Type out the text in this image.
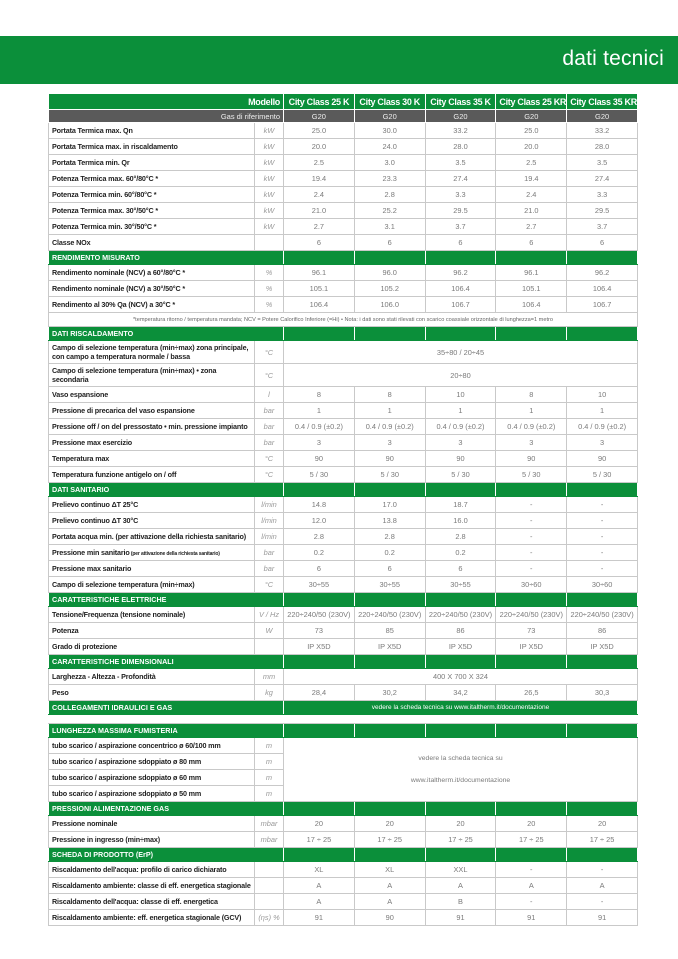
dati tecnici
Modello		City Class 25 K	City Class 30 K	City Class 35 K	City Class 25 KR	City Class 35 KR
Gas di riferimento		G20	G20	G20	G20	G20
Portata Termica max. Qn	kW	25.0	30.0	33.2	25.0	33.2
Portata Termica max. in riscaldamento	kW	20.0	24.0	28.0	20.0	28.0
Portata Termica min. Qr	kW	2.5	3.0	3.5	2.5	3.5
Potenza Termica max. 60°/80°C *	kW	19.4	23.3	27.4	19.4	27.4
Potenza Termica min. 60°/80°C *	kW	2.4	2.8	3.3	2.4	3.3
Potenza Termica max. 30°/50°C *	kW	21.0	25.2	29.5	21.0	29.5
Potenza Termica min. 30°/50°C *	kW	2.7	3.1	3.7	2.7	3.7
Classe NOx		6	6	6	6	6
RENDIMENTO MISURATO						
Rendimento nominale (NCV) a 60°/80°C *	%	96.1	96.0	96.2	96.1	96.2
Rendimento nominale (NCV) a 30°/50°C *	%	105.1	105.2	106.4	105.1	106.4
Rendimento al 30% Qa (NCV) a 30°C *	%	106.4	106.0	106.7	106.4	106.7
*temperatura ritorno / temperatura mandata; NCV = Potere Calorifico Inferiore (=Hi) • Nota: i dati sono stati rilevati con scarico coassiale orizzontale di lunghezza=1 metro						
DATI RISCALDAMENTO						
Campo di selezione temperatura (min÷max) zona principale, con campo a temperatura normale / bassa	°C	35÷80 / 20÷45				
Campo di selezione temperatura (min÷max) • zona secondaria	°C	20÷80				
Vaso espansione	l	8	8	10	8	10
Pressione di precarica del vaso espansione	bar	1	1	1	1	1
Pressione off / on del pressostato • min. pressione impianto	bar	0.4 / 0.9 (±0.2)	0.4 / 0.9 (±0.2)	0.4 / 0.9 (±0.2)	0.4 / 0.9 (±0.2)	0.4 / 0.9 (±0.2)
Pressione max esercizio	bar	3	3	3	3	3
Temperatura max	°C	90	90	90	90	90
Temperatura funzione antigelo on / off	°C	5 / 30	5 / 30	5 / 30	5 / 30	5 / 30
DATI SANITARIO						
Prelievo continuo ΔT 25°C	l/min	14.8	17.0	18.7	-	-
Prelievo continuo ΔT 30°C	l/min	12.0	13.8	16.0	-	-
Portata acqua min. (per attivazione della richiesta sanitario)	l/min	2.8	2.8	2.8	-	-
Pressione min sanitario (per attivazione della richiesta sanitario)	bar	0.2	0.2	0.2	-	-
Pressione max sanitario	bar	6	6	6	-	-
Campo di selezione temperatura (min÷max)	°C	30÷55	30÷55	30÷55	30÷60	30÷60
CARATTERISTICHE ELETTRICHE						
Tensione/Frequenza (tensione nominale)	V / Hz	220÷240/50 (230V)	220÷240/50 (230V)	220÷240/50 (230V)	220÷240/50 (230V)	220÷240/50 (230V)
Potenza	W	73	85	86	73	86
Grado di protezione		IP X5D	IP X5D	IP X5D	IP X5D	IP X5D
CARATTERISTICHE DIMENSIONALI						
Larghezza - Altezza - Profondità	mm	400 X 700 X 324				
Peso	kg	28,4	30,2	34,2	26,5	30,3
COLLEGAMENTI IDRAULICI E GAS		vedere la scheda tecnica su www.italtherm.it/documentazione				

LUNGHEZZA MASSIMA FUMISTERIA						
tubo scarico / aspirazione concentrico ø 60/100 mm	m	vedere la scheda tecnica su
www.italtherm.it/documentazione				

tubo scarico / aspirazione sdoppiato ø 80 mm	m					
tubo scarico / aspirazione sdoppiato ø 60 mm	m					
tubo scarico / aspirazione sdoppiato ø 50 mm	m					
PRESSIONI ALIMENTAZIONE GAS						
Pressione nominale	mbar	20	20	20	20	20
Pressione in ingresso (min÷max)	mbar	17 ÷ 25	17 ÷ 25	17 ÷ 25	17 ÷ 25	17 ÷ 25
SCHEDA DI PRODOTTO (ErP)						
Riscaldamento dell'acqua: profilo di carico dichiarato		XL	XL	XXL	-	-
Riscaldamento ambiente: classe di eff. energetica stagionale		A	A	A	A	A
Riscaldamento dell'acqua: classe di eff. energetica		A	A	B	-	-
Riscaldamento ambiente: eff. energetica stagionale (GCV)	(ηs) %	91	90	91	91	91
